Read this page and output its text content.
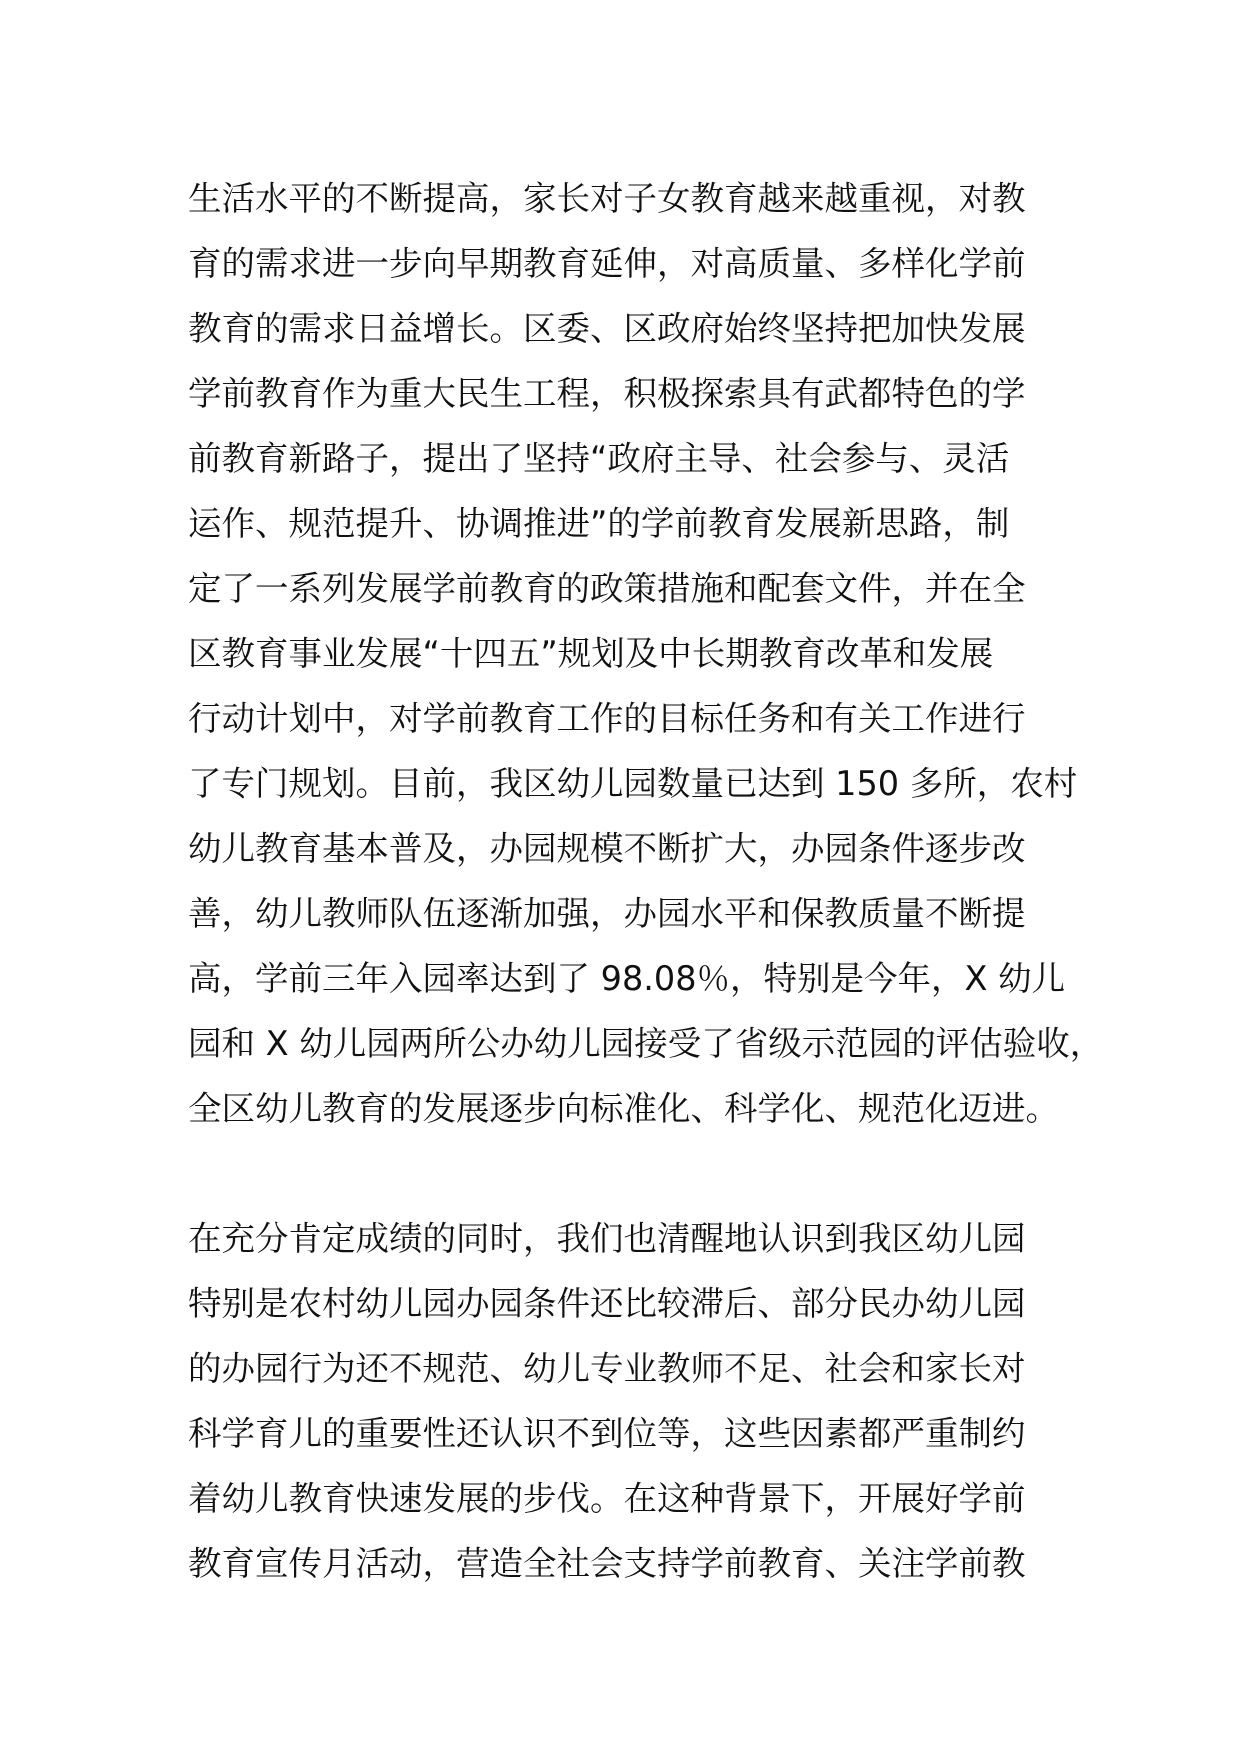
生活水平的不断提高，家长对子女教育越来越重视，对教
育的需求进一步向早期教育延伸，对高质量、多样化学前
教育的需求日益增长。区委、区政府始终坚持把加快发展
学前教育作为重大民生工程，积极探索具有武都特色的学
前教育新路子，提出了坚持“政府主导、社会参与、灵活
运作、规范提升、协调推进”的学前教育发展新思路，制
定了一系列发展学前教育的政策措施和配套文件，并在全
区教育事业发展“十四五”规划及中长期教育改革和发展
行动计划中，对学前教育工作的目标任务和有关工作进行
了专门规划。目前，我区幼儿园数量已达到 150 多所，农村
幼儿教育基本普及，办园规模不断扩大，办园条件逐步改
善，幼儿教师队伍逐渐加强，办园水平和保教质量不断提
高，学前三年入园率达到了 98.08％，特别是今年，X 幼儿
园和 X 幼儿园两所公办幼儿园接受了省级示范园的评估验收，
全区幼儿教育的发展逐步向标准化、科学化、规范化迈进。
在充分肯定成绩的同时，我们也清醒地认识到我区幼儿园
特别是农村幼儿园办园条件还比较滞后、部分民办幼儿园
的办园行为还不规范、幼儿专业教师不足、社会和家长对
科学育儿的重要性还认识不到位等，这些因素都严重制约
着幼儿教育快速发展的步伐。在这种背景下，开展好学前
教育宣传月活动，营造全社会支持学前教育、关注学前教
